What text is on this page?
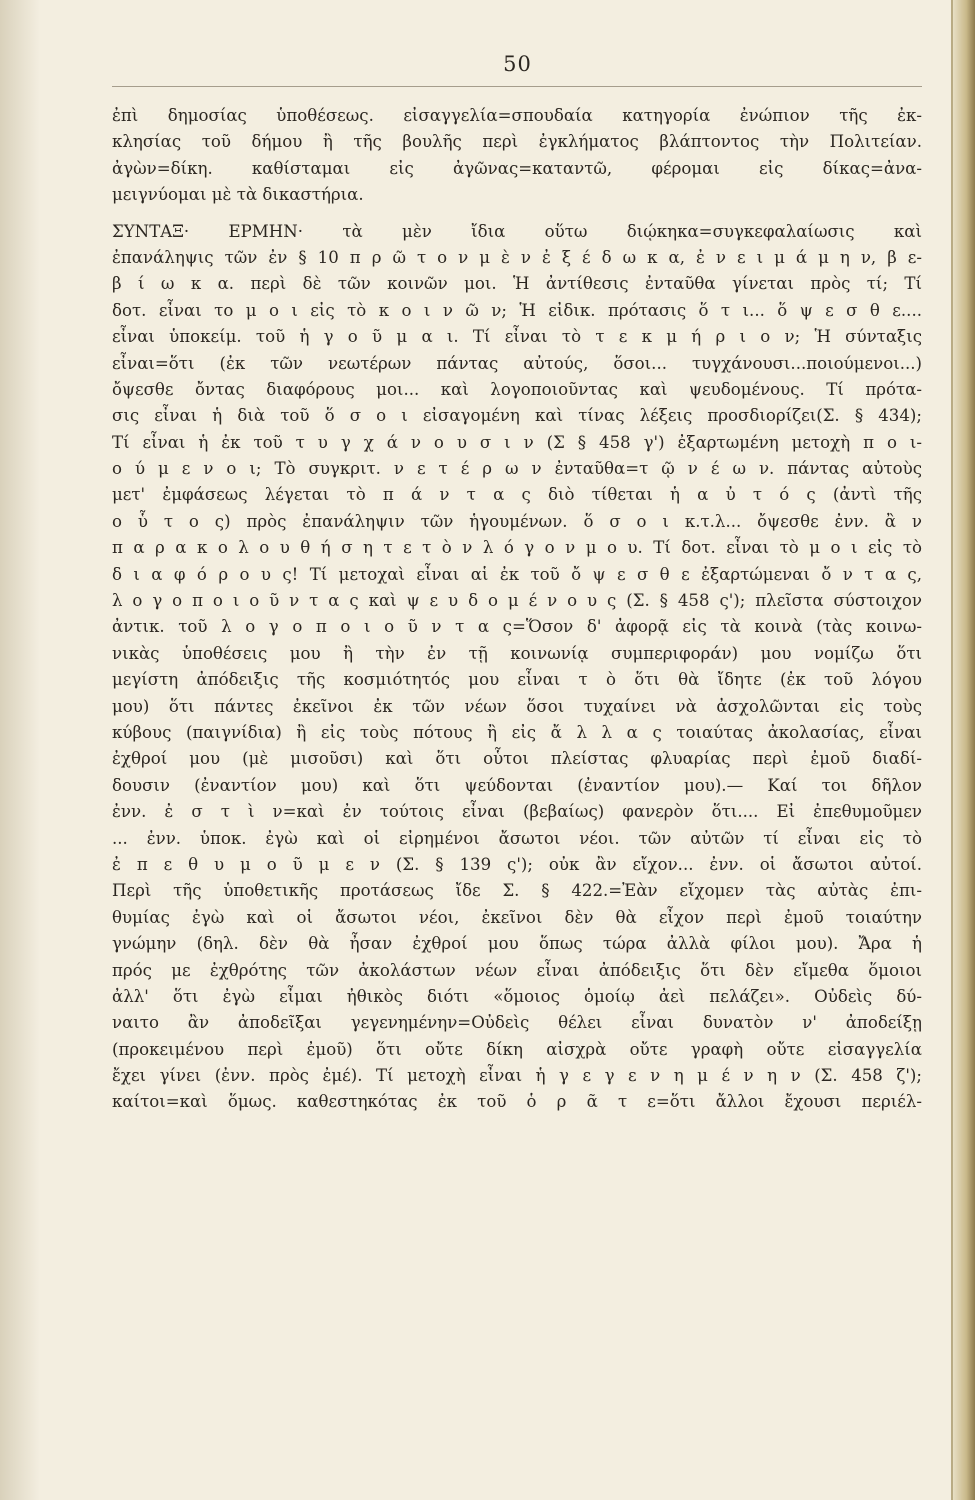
50
ἐπὶ δημοσίας ὑποθέσεως. εἰσαγγελία=σπουδαία κατηγορία ἐνώπιον τῆς ἐκ-
κλησίας τοῦ δήμου ἢ τῆς βουλῆς περὶ ἐγκλήματος βλάπτοντος τὴν Πολιτείαν.
ἀγὼν=δίκη. καθίσταμαι εἰς ἀγῶνας=καταντῶ, φέρομαι εἰς δίκας=ἀνα-
μειγνύομαι μὲ τὰ δικαστήρια.
ΣΥΝΤΑΞ· ΕΡΜΗΝ· τὰ μὲν ἴδια οὕτω διῴκηκα=συγκεφαλαίωσις καὶ
ἐπανάληψις τῶν ἐν § 10 π ρ ῶ τ ο ν μ ὲ ν ἐ ξ έ δ ω κ α, ἐ ν ε ι μ ά μ η ν, β ε-
β ί ω κ α. περὶ δὲ τῶν κοινῶν μοι. Ἡ ἀντίθεσις ἐνταῦθα γίνεται πρὸς τί; Τί
δοτ. εἶναι το μ ο ι εἰς τὸ κ ο ι ν ῶ ν; Ἡ εἰδικ. πρότασις ὅ τ ι... ὅ ψ ε σ θ ε....
εἶναι ὑποκείμ. τοῦ ἡ γ ο ῦ μ α ι. Τί εἶναι τὸ τ ε κ μ ή ρ ι ο ν; Ἡ σύνταξις
εἶναι=ὅτι (ἐκ τῶν νεωτέρων πάντας αὐτούς, ὅσοι... τυγχάνουσι...ποιούμενοι...)
ὄψεσθε ὄντας διαφόρους μοι... καὶ λογοποιοῦντας καὶ ψευδομένους. Τί πρότα-
σις εἶναι ἡ διὰ τοῦ ὅ σ ο ι εἰσαγομένη καὶ τίνας λέξεις προσδιορίζει(Σ. § 434);
Τί εἶναι ἡ ἐκ τοῦ τ υ γ χ ά ν ο υ σ ι ν (Σ § 458 γ') ἐξαρτωμένη μετοχὴ π ο ι-
ο ύ μ ε ν ο ι; Τὸ συγκριτ. ν ε τ έ ρ ω ν ἐνταῦθα=τ ῷ ν έ ω ν. πάντας αὐτοὺς
μετ' ἐμφάσεως λέγεται τὸ π ά ν τ α ς διὸ τίθεται ἡ α ὐ τ ό ς (ἀντὶ τῆς
ο ὗ τ ο ς) πρὸς ἐπανάληψιν τῶν ἡγουμένων. ὅ σ ο ι κ.τ.λ... ὄψεσθε ἐνν. ἂ ν
π α ρ α κ ο λ ο υ θ ή σ η τ ε τ ὸ ν λ ό γ ο ν μ ο υ. Τί δοτ. εἶναι τὸ μ ο ι εἰς τὸ
δ ι α φ ό ρ ο υ ς! Τί μετοχαὶ εἶναι αἱ ἐκ τοῦ ὄ ψ ε σ θ ε ἐξαρτώμεναι ὄ ν τ α ς,
λ ο γ ο π ο ι ο ῦ ν τ α ς καὶ ψ ε υ δ ο μ έ ν ο υ ς (Σ. § 458 ς'); πλεῖστα σύστοιχον
ἀντικ. τοῦ λ ο γ ο π ο ι ο ῦ ν τ α ς=Ὅσον δ' ἀφορᾷ εἰς τὰ κοινὰ (τὰς κοινω-
νικὰς ὑποθέσεις μου ἢ τὴν ἐν τῇ κοινωνίᾳ συμπεριφοράν) μου νομίζω ὅτι
μεγίστη ἀπόδειξις τῆς κοσμιότητός μου εἶναι τ ὸ ὅτι θὰ ἴδητε (ἐκ τοῦ λόγου
μου) ὅτι πάντες ἐκεῖνοι ἐκ τῶν νέων ὅσοι τυχαίνει νὰ ἀσχολῶνται εἰς τοὺς
κύβους (παιγνίδια) ἢ εἰς τοὺς πότους ἢ εἰς ἄ λ λ α ς τοιαύτας ἀκολασίας, εἶναι
ἐχθροί μου (μὲ μισοῦσι) καὶ ὅτι οὗτοι πλείστας φλυαρίας περὶ ἐμοῦ διαδί-
δουσιν (ἐναντίον μου) καὶ ὅτι ψεύδονται (ἐναντίον μου).— Καί τοι δῆλον
ἐνν. ἐ σ τ ὶ ν=καὶ ἐν τούτοις εἶναι (βεβαίως) φανερὸν ὅτι.... Εἰ ἐπεθυμοῦμεν
... ἐνν. ὑποκ. ἐγὼ καὶ οἱ εἰρημένοι ἄσωτοι νέοι. τῶν αὐτῶν τί εἶναι εἰς τὸ
ἐ π ε θ υ μ ο ῦ μ ε ν (Σ. § 139 ς'); οὐκ ἂν εἴχον... ἐνν. οἱ ἄσωτοι αὐτοί.
Περὶ τῆς ὑποθετικῆς προτάσεως ἴδε Σ. § 422.=Ἐὰν εἴχομεν τὰς αὐτὰς ἐπι-
θυμίας ἐγὼ καὶ οἱ ἄσωτοι νέοι, ἐκεῖνοι δὲν θὰ εἶχον περὶ ἐμοῦ τοιαύτην
γνώμην (δηλ. δὲν θὰ ἦσαν ἐχθροί μου ὅπως τώρα ἀλλὰ φίλοι μου). Ἄρα ἡ
πρός με ἐχθρότης τῶν ἀκολάστων νέων εἶναι ἀπόδειξις ὅτι δὲν εἴμεθα ὅμοιοι
ἀλλ' ὅτι ἐγὼ εἶμαι ἠθικὸς διότι «ὅμοιος ὁμοίῳ ἀεὶ πελάζει». Οὐδεὶς δύ-
ναιτο ἂν ἀποδεῖξαι γεγενημένην=Οὐδεὶς θέλει εἶναι δυνατὸν ν' ἀποδείξῃ
(προκειμένου περὶ ἐμοῦ) ὅτι οὔτε δίκη αἰσχρὰ οὔτε γραφὴ οὔτε εἰσαγγελία
ἔχει γίνει (ἐνν. πρὸς ἐμέ). Τί μετοχὴ εἶναι ἡ γ ε γ ε ν η μ έ ν η ν (Σ. 458 ζ');
καίτοι=καὶ ὅμως. καθεστηκότας ἐκ τοῦ ὁ ρ ᾶ τ ε=ὅτι ἄλλοι ἔχουσι περιέλ-
